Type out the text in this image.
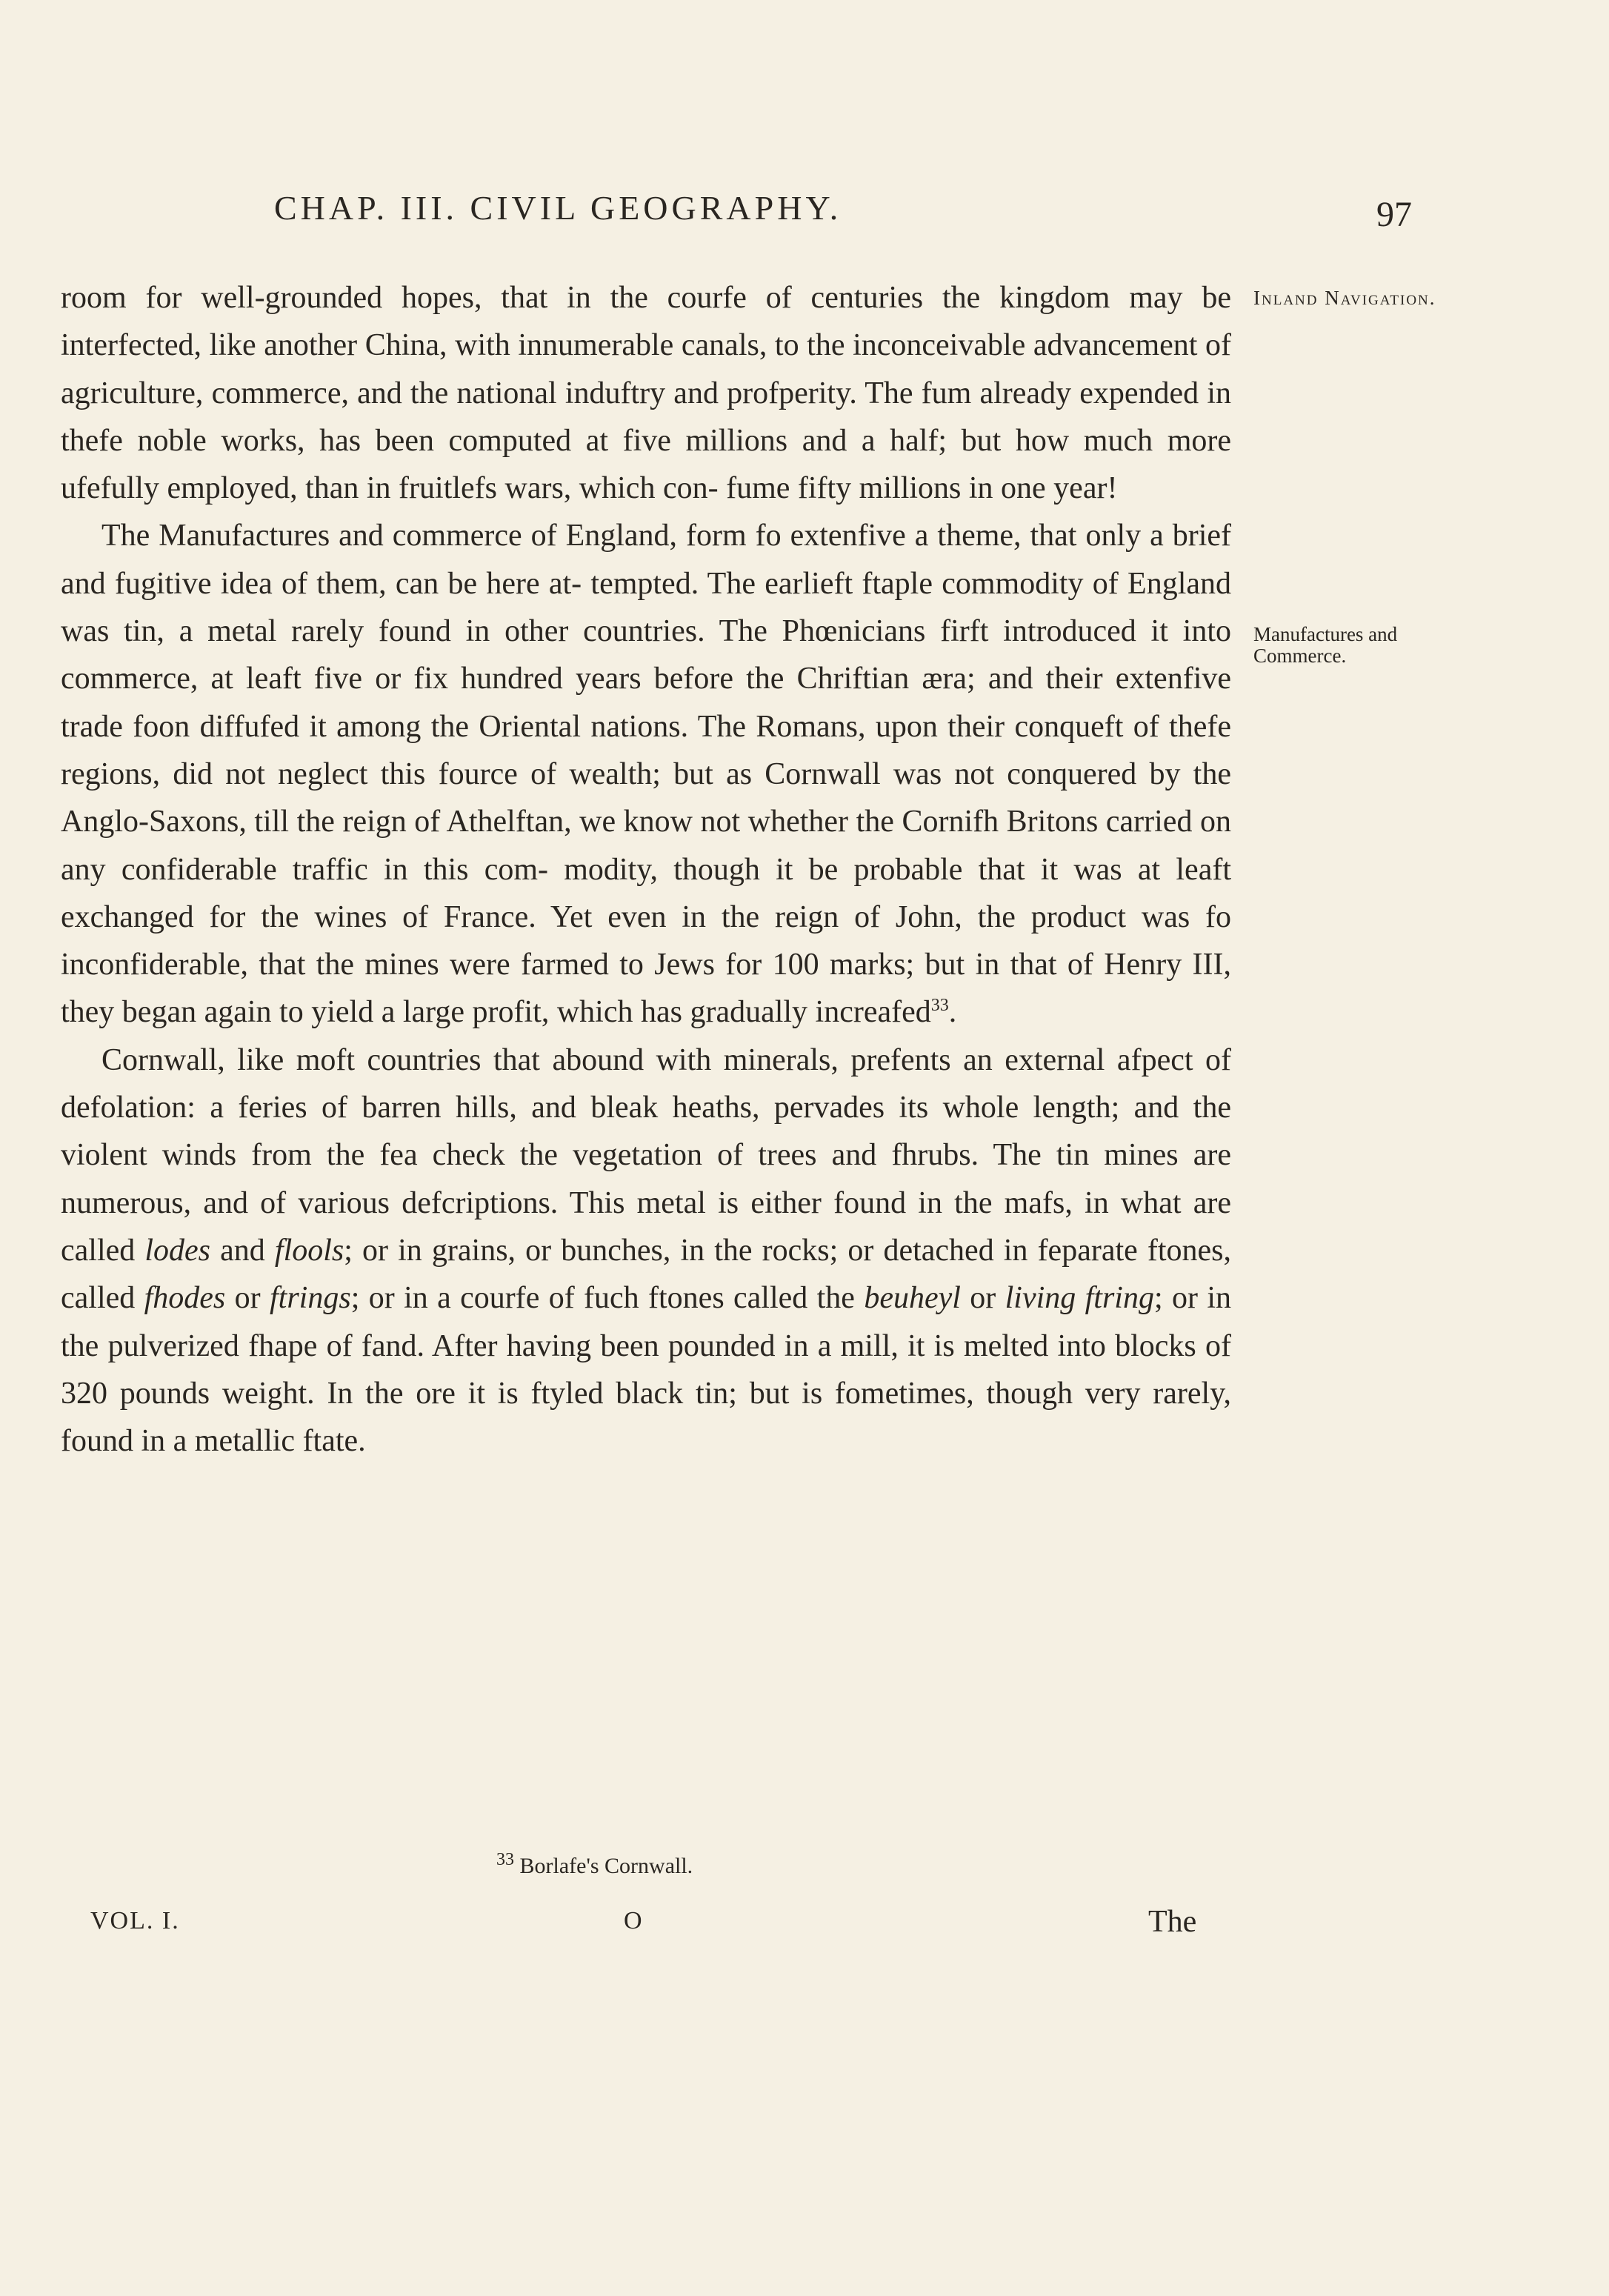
CHAP. III. CIVIL GEOGRAPHY.	97
Inland Navigation.
Manufactures and Commerce.

room for well-grounded hopes, that in the courfe of centuries the kingdom may be interfected, like another China, with innumerable canals, to the inconceivable advancement of agriculture, commerce, and the national induftry and profperity. The fum already expended in thefe noble works, has been computed at five millions and a half; but how much more ufefully employed, than in fruitlefs wars, which con- fume fifty millions in one year!

The Manufactures and commerce of England, form fo extenfive a theme, that only a brief and fugitive idea of them, can be here at- tempted. The earlieft ftaple commodity of England was tin, a metal rarely found in other countries. The Phœnicians firft introduced it into commerce, at leaft five or fix hundred years before the Chriftian æra; and their extenfive trade foon diffufed it among the Oriental nations. The Romans, upon their conqueft of thefe regions, did not neglect this fource of wealth; but as Cornwall was not conquered by the Anglo-Saxons, till the reign of Athelftan, we know not whether the Cornifh Britons carried on any confiderable traffic in this com- modity, though it be probable that it was at leaft exchanged for the wines of France. Yet even in the reign of John, the product was fo inconfiderable, that the mines were farmed to Jews for 100 marks; but in that of Henry III, they began again to yield a large profit, which has gradually increafed$^{33}$.

Cornwall, like moft countries that abound with minerals, prefents an external afpect of defolation: a feries of barren hills, and bleak heaths, pervades its whole length; and the violent winds from the fea check the vegetation of trees and fhrubs. The tin mines are numerous, and of various defcriptions. This metal is either found in the mafs, in what are called lodes and flools; or in grains, or bunches, in the rocks; or detached in feparate ftones, called fhodes or ftrings; or in a courfe of fuch ftones called the beuheyl or living ftring; or in the pulverized fhape of fand. After having been pounded in a mill, it is melted into blocks of 320 pounds weight. In the ore it is ftyled black tin; but is fometimes, though very rarely, found in a metallic ftate.

$^{33}$ Borlafe's Cornwall.
VOL. I.	O	The
